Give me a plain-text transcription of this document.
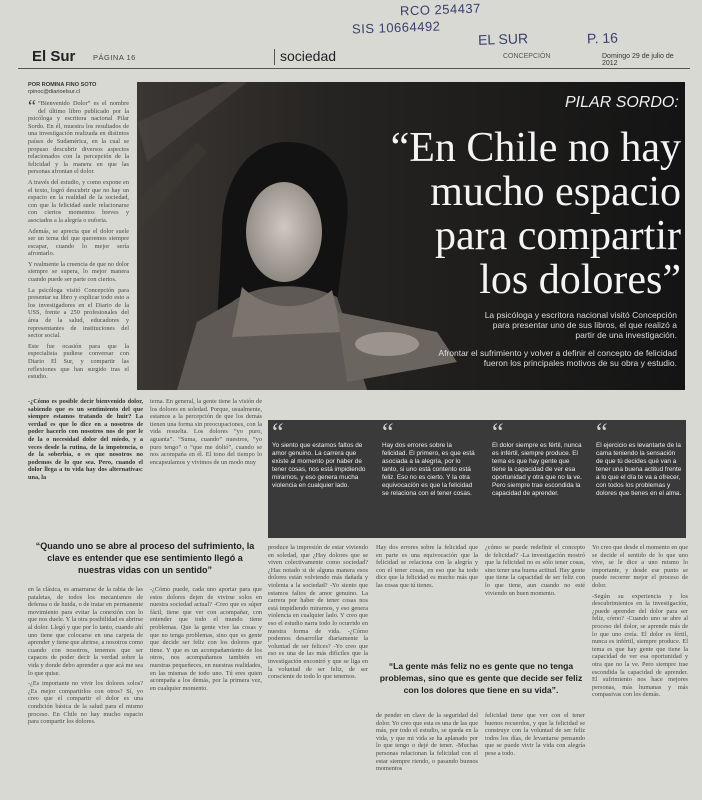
RCO 254437
SIS 10664492
EL SUR	P. 16
El Sur PÁGINA 16	sociedad	CONCEPCIÓN	Domingo 29 de julio de 2012
POR ROMINA FINO SOTO
rpinoc@diarioelsur.cl

“ “Bienvenido Dolor” es el nombre del último libro publicado por la psicóloga y escritora nacional Pilar Sordo. En él, muestra los resultados de una investigación realizada en distintos países de Sudamérica, en la cual se propuso descubrir diversos aspectos relacionados con la percepción de la felicidad y la manera en que las personas afrontan el dolor.

A través del estudio, y como expone en el texto, logró descubrir que no hay un espacio en la realidad de la sociedad, con que la felicidad suele relacionarse con ciertos momentos breves y asociados a la alegría o euforia.

Además, se aprecia que el dolor suele ser un tema del que queremos siempre escapar, cuando lo mejor sería afrontarlo.

Y realmente la creencia de que no dolor siempre se supera, lo mejor manera cuando puede ser parte con ciertos.

La psicóloga visitó Concepción para presentar su libro y explicar todo esto a los investigadores en el Diario de la USS, frente a 250 profesionales del área de la salud, educadores y representantes de instituciones del sector social.

Este fue ocasión para que la especialista pudiese conversar con Diario El Sur, y compartir las reflexiones que han surgido tras el estudio.

PILAR SORDO:
“En Chile no hay
mucho espacio
para compartir
los dolores”
La psicóloga y escritora nacional visitó Concepción para presentar uno de sus libros, el que realizó a partir de una investigación.
Afrontar el sufrimiento y volver a definir el concepto de felicidad fueron los principales motivos de su obra y estudio.
“
Yo siento que estamos faltos de amor genuino. La carrera que existe al momento por haber de tener cosas, nos está impidiendo mirarnos, y eso genera mucha violencia en cualquier lado.
“
Hay dos errores sobre la felicidad. El primero, es que está asociada a la alegría, por lo tanto, si uno está contento está feliz. Eso no es cierto. Y la otra equivocación es que la felicidad se relaciona con el tener cosas.
“
El dolor siempre es fértil, nunca es infértil, siempre produce. El tema es que hay gente que tiene la capacidad de ver esa oportunidad y otra que no la ve. Pero siempre trae escondida la capacidad de aprender.
“
El ejercicio es levantarte de la cama teniendo la sensación de que tú decides qué van a tener una buena actitud frente a lo que el día te va a ofrecer, con todos los problemas y dolores que tienes en el alma.

-¿Cómo es posible decir bienvenido dolor, sabiendo que es un sentimiento del que siempre estamos tratando de huir? La verdad es que lo dice en a nosotros de poder hacerlo con nosotros nos de por le de la o necesidad dolor del miedo, y a veces desde la rutina, de la impotencia, o de la soberbia, o es que nosotros no podemos de lo que sea. Pero, cuando el dolor llega a tu vida hay dos alternativas: una, la

terna. En general, la gente tiene la visión de los dolores en soledad. Porque, usualmente, estamos a la percepción de que los demás tienen una forma sin preocupaciones, con la vida resuelta. Los dolores “yo puro, aguanta”. “Suma, cuando” nuestros, “yo puro tengo” o “que me dolió”, cuando se nos acompaña en él. El tono del tiempo lo encapsulamos y vivimos de un modo muy

“Quando uno se abre al proceso del sufrimiento, la clave es entender que ese sentimiento llegó a nuestras vidas con un sentido”

en la clásica, es amarrarse de la rabia de las pataletas, de todos los mecanismos de defensa o de huida, o de tratar en permanente movimiento para evitar la conexión con lo que nos duele. Y la otra posibilidad es abrirse al dolor. Llegó y que por lo tanto, cuando ahí uno tiene que colocarse en una carpeta de aprender y tiene que abrirse, a nosotros como cuando con nosotros, tenemos que ser capaces de poder decir la verdad sobre la vida y donde debo aprender a que acá me sea lo que quise.

-¿Es importante no vivir los dolores solos? ¿Es mejor compartirlos con otros? Sí, yo creo que el compartir el dolor es una condición básica de la salud para el mismo proceso. En Chile no hay mucho espacio para compartir los dolores.

-¿Cómo puede, cada uno aportar para que estos dolores dejen de vivirse solos en nuestra sociedad actual? -Creo que es súper fácil, tiene que ver con acompañar, con entender que todo el mundo tiene problemas. Que la gente vive las cosas y que no tenga problemas, sino que es gente que decide ser feliz con los dolores que tiene. Y que es un acompañamiento de los otros, nos acompañamos también en nuestras pequeñeces, en nuestras realidades, en las mismas de todo uno. Tú eres quien acompaña a los demás, por la primera vez, en cualquier momento.

produce la impresión de estar viviendo en soledad, que ¿Hay dolores que se viven colectivamente como sociedad? ¿Has notado si de alguna manera esos dolores están volviendo más dañada y violenta a la sociedad? -Yo siento que estamos faltos de amor genuino. La carrera por haber de tener cosas nos está impidiendo mirarnos, y eso genera violencia en cualquier lado. Y creo que eso el estudio narra todo lo ocurrido en nuestra forma de vida. -¿Cómo podemos desarrollar diariamente la voluntad de ser felices? -Yo creo que eso es una de las más difíciles que la investigación encontró y que se liga en la voluntad de ser feliz, de ser consciente de todo lo que tenemos.

Hay dos errores sobre la felicidad que en parte es una equivocación que la felicidad se relaciona con la alegría y con el tener cosas, en eso que ha todo dice que la felicidad es mucho más que las cosas que tú tienes.

¿cómo se puede redefinir el concepto de felicidad? -La investigación mostró que la felicidad no es sólo tener cosas, sino tener una buena actitud. Hay gente que tiene la capacidad de ser feliz con lo que tiene, aun cuando no esté viviendo un buen momento.

“La gente más feliz no es gente que no tenga problemas, sino que es gente que decide ser feliz con los dolores que tiene en su vida”.

de pender en clave de la seguridad del dolor. Yo creo que esta es una de las que más, por todo el estudio, se queda en la vida, y que mi vida se ha aplanado por lo que tengo o dejé de tener. -Muchas personas relacionan la felicidad con el estar siempre riendo, o pasando buenos momentos

felicidad tiene que ver con el tener buenos recuerdos, y que la felicidad se construye con la voluntad de ser feliz todos los días, de levantarse pensando que se puede vivir la vida con alegría pese a todo.

Yo creo que desde el momento en que se decide el sentido de lo que uno vive, se le dice a uno mismo lo importante, y desde ese punto se puede recorrer mejor el proceso de dolor.

-Según su experiencia y los descubrimientos en la investigación, ¿puede aprender del dolor para ser feliz, cómo? -Cuando uno se abre al proceso del dolor, se aprende más de lo que uno creía. El dolor es fértil, nunca es infértil, siempre produce. El tema es que hay gente que tiene la capacidad de ver esa oportunidad y otra que no la ve. Pero siempre trae escondida la capacidad de aprender. El sufrimiento nos hace mejores personas, más humanas y más compasivas con los demás.
